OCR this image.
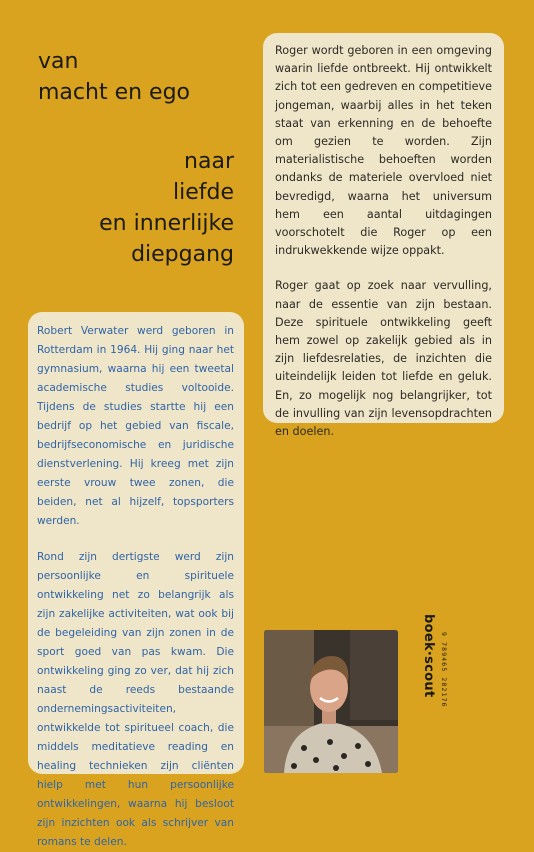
van
macht en ego
naar
liefde
en innerlijke
diepgang

Roger wordt geboren in een omgeving waarin liefde ontbreekt. Hij ontwikkelt zich tot een gedreven en competitieve jongeman, waarbij alles in het teken staat van erkenning en de behoefte om gezien te worden. Zijn materialistische behoeften worden ondanks de materiele overvloed niet bevredigd, waarna het universum hem een aantal uitdagingen voorschotelt die Roger op een indrukwekkende wijze oppakt.

Roger gaat op zoek naar vervulling, naar de essentie van zijn bestaan. Deze spirituele ontwikkeling geeft hem zowel op zakelijk gebied als in zijn liefdesrelaties, de inzichten die uiteindelijk leiden tot liefde en geluk. En, zo mogelijk nog belangrijker, tot de invulling van zijn levensopdrachten en doelen.

Robert Verwater werd geboren in Rotterdam in 1964. Hij ging naar het gymnasium, waarna hij een tweetal academische studies voltooide. Tijdens de studies startte hij een bedrijf op het gebied van fiscale, bedrijfseconomische en juridische dienstverlening. Hij kreeg met zijn eerste vrouw twee zonen, die beiden, net al hijzelf, topsporters werden.

Rond zijn dertigste werd zijn persoonlijke en spirituele ontwikkeling net zo belangrijk als zijn zakelijke activiteiten, wat ook bij de begeleiding van zijn zonen in de sport goed van pas kwam. Die ontwikkeling ging zo ver, dat hij zich naast de reeds bestaande ondernemingsactiviteiten, ontwikkelde tot spiritueel coach, die middels meditatieve reading en healing technieken zijn cliënten hielp met hun persoonlijke ontwikkelingen, waarna hij besloot zijn inzichten ook als schrijver van romans te delen.

boek·scout 9 789465 282176
